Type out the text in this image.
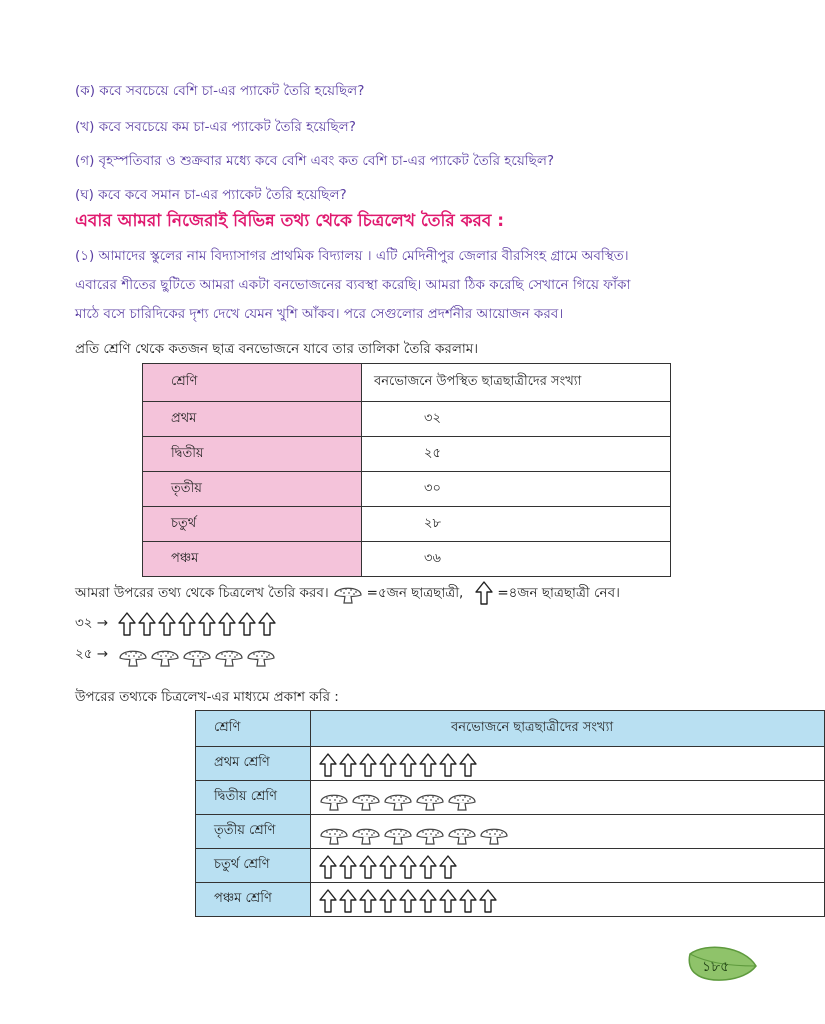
(ক) কবে সবচেয়ে বেশি চা-এর প্যাকেট তৈরি হয়েছিল?
(খ) কবে সবচেয়ে কম চা-এর প্যাকেট তৈরি হয়েছিল?
(গ) বৃহস্পতিবার ও শুক্রবার মধ্যে কবে বেশি এবং কত বেশি চা-এর প্যাকেট তৈরি হয়েছিল?
(ঘ) কবে কবে সমান চা-এর প্যাকেট তৈরি হয়েছিল?
এবার আমরা নিজেরাই বিভিন্ন তথ্য থেকে চিত্রলেখ তৈরি করব :
(১) আমাদের স্কুলের নাম বিদ্যাসাগর প্রাথমিক বিদ্যালয় । এটি মেদিনীপুর জেলার বীরসিংহ গ্রামে অবস্থিত।
এবারের শীতের ছুটিতে আমরা একটা বনভোজনের ব্যবস্থা করেছি। আমরা ঠিক করেছি সেখানে গিয়ে ফাঁকা
মাঠে বসে চারিদিকের দৃশ্য দেখে যেমন খুশি আঁকব। পরে সেগুলোর প্রদর্শনীর আয়োজন করব।
প্রতি শ্রেণি থেকে কতজন ছাত্র বনভোজনে যাবে তার তালিকা তৈরি করলাম।
শ্রেণি	বনভোজনে উপস্থিত ছাত্রছাত্রীদের সংখ্যা
প্রথম	৩২
দ্বিতীয়	২৫
তৃতীয়	৩০
চতুর্থ	২৮
পঞ্চম	৩৬
আমরা উপরের তথ্য থেকে চিত্রলেখ তৈরি করব।	=৫জন ছাত্রছাত্রী,	=৪জন ছাত্রছাত্রী নেব।
৩২ →
২৫ →
উপরের তথ্যকে চিত্রলেখ-এর মাধ্যমে প্রকাশ করি :
শ্রেণি	বনভোজনে ছাত্রছাত্রীদের সংখ্যা
প্রথম শ্রেণি	

দ্বিতীয় শ্রেণি	

তৃতীয় শ্রেণি	

চতুর্থ শ্রেণি	

পঞ্চম শ্রেণি	
১৮৫
